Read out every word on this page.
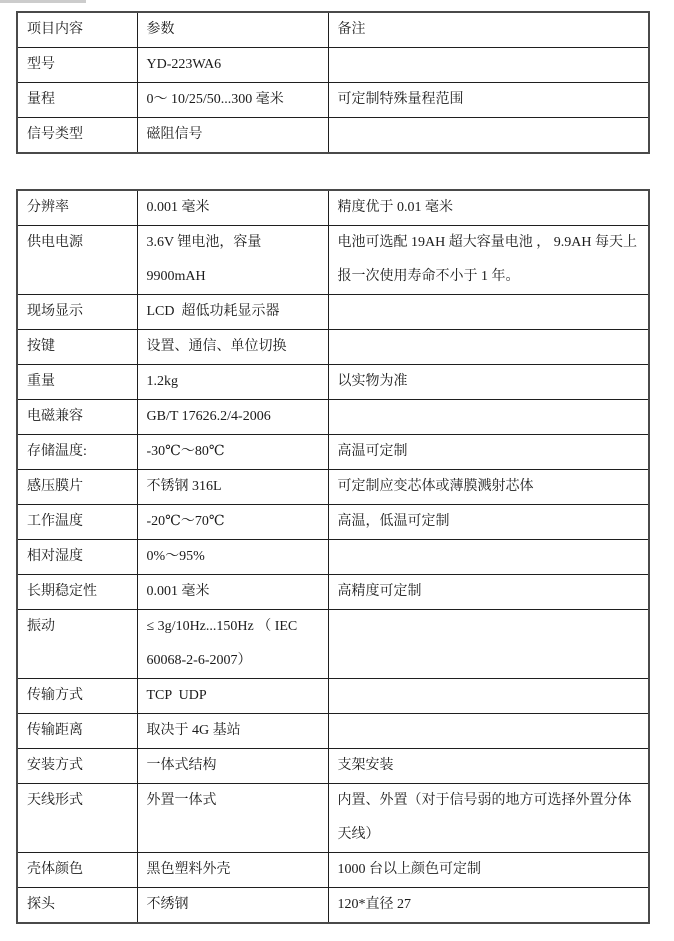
项目内容	参数	备注
型号	YD-223WA6	
量程	0～ 10/25/50...300 毫米	可定制特殊量程范围
信号类型	磁阻信号	
分辨率	0.001 毫米	精度优于 0.01 毫米
供电电源	3.6V 锂电池，容量 9900mAH	电池可选配 19AH 超大容量电池 ， 9.9AH 每天上报一次使用寿命不小于 1 年。
现场显示	LCD  超低功耗显示器	
按键	设置、通信、单位切换	
重量	1.2kg	以实物为准
电磁兼容	GB/T 17626.2/4-2006	
存储温度:	-30℃～80℃	高温可定制
感压膜片	不锈钢 316L	可定制应变芯体或薄膜溅射芯体
工作温度	-20℃～70℃	高温，低温可定制
相对湿度	0%～95%	
长期稳定性	0.001 毫米	高精度可定制
振动	≤ 3g/10Hz...150Hz （ IEC 60068-2-6-2007）	
传输方式	TCP  UDP	
传输距离	取决于 4G 基站	
安装方式	一体式结构	支架安装
天线形式	外置一体式	内置、外置（对于信号弱的地方可选择外置分体天线）
壳体颜色	黑色塑料外壳	1000 台以上颜色可定制
探头	不绣钢	120*直径 27
